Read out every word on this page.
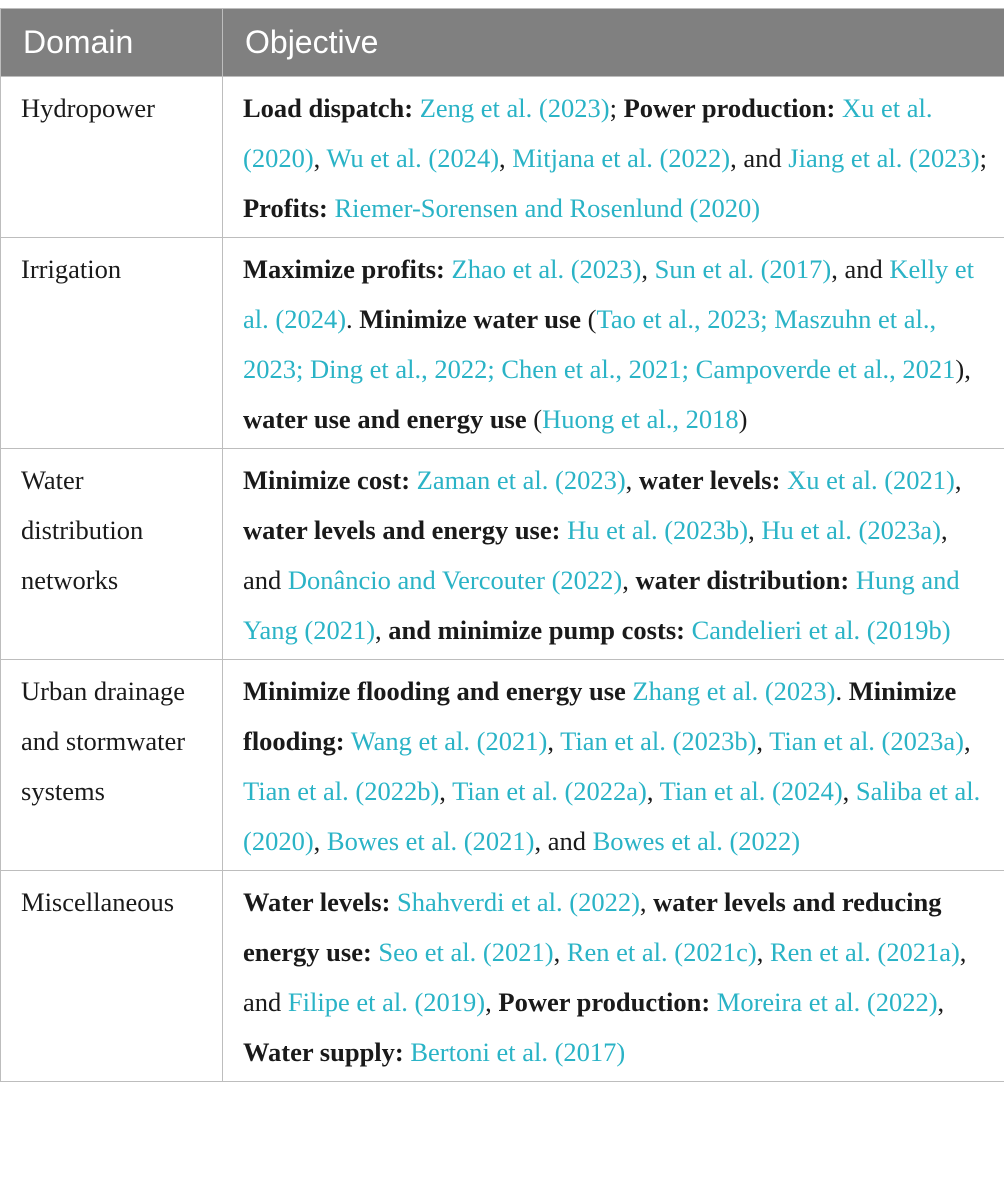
Domain	Objective
Hydropower	Load dispatch: Zeng et al. (2023); Power production: Xu et al. (2020), Wu et al. (2024), Mitjana et al. (2022), and Jiang et al. (2023); Profits: Riemer-Sorensen and Rosenlund (2020)
Irrigation	Maximize profits: Zhao et al. (2023), Sun et al. (2017), and Kelly et al. (2024). Minimize water use (Tao et al., 2023; Maszuhn et al., 2023; Ding et al., 2022; Chen et al., 2021; Campoverde et al., 2021), water use and energy use (Huong et al., 2018)
Water distribution networks	Minimize cost: Zaman et al. (2023), water levels: Xu et al. (2021), water levels and energy use: Hu et al. (2023b), Hu et al. (2023a), and Donâncio and Vercouter (2022), water distribution: Hung and Yang (2021), and minimize pump costs: Candelieri et al. (2019b)
Urban drainage and stormwater systems	Minimize flooding and energy use Zhang et al. (2023). Minimize flooding: Wang et al. (2021), Tian et al. (2023b), Tian et al. (2023a), Tian et al. (2022b), Tian et al. (2022a), Tian et al. (2024), Saliba et al. (2020), Bowes et al. (2021), and Bowes et al. (2022)
Miscellaneous	Water levels: Shahverdi et al. (2022), water levels and reducing energy use: Seo et al. (2021), Ren et al. (2021c), Ren et al. (2021a), and Filipe et al. (2019), Power production: Moreira et al. (2022), Water supply: Bertoni et al. (2017)
